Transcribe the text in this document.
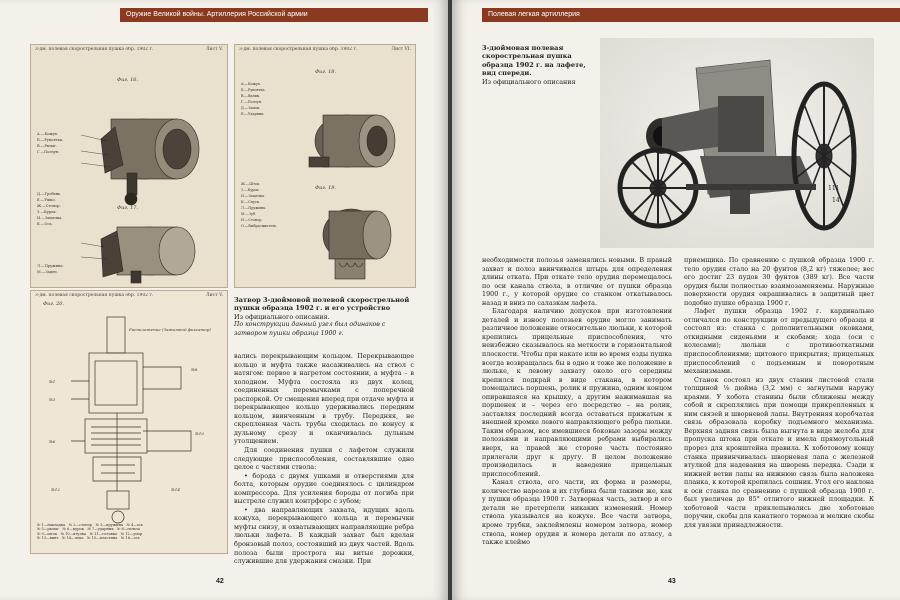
Оружие Великой войны. Артиллерия Российской армии
3-дм. полевая скорострельная пушка обр. 1902 г.	Лист V.
Фиг. 16.
Фиг. 17.
А.—Кожух.
Б.—Рукоятка.
В.—Рычаг.
Г.—Ползун.
Д.—Гребень.
Е.—Ушко.
Ж.—Стопор.
З.—Курок.
И.—Защелка.
К.—Ось.
Л.—Пружина.
М.—Зацеп.
3-дм. полевая скорострельная пушка обр. 1902 г.	Лист VI.
Фиг. 18.
Фиг. 19.
А.—Кожух.
Б.—Рукоятка.
В.—Валик.
Г.—Ползун.
Д.—Замок.
Е.—Ударник.
Ж.—Шток.
З.—Курок.
И.—Защелка.
К.—Спуск.
Л.—Пружина.
М.—Зуб.
Н.—Стопор.
О.—Выбрасыватель.
3-дм. полевая скорострельная пушка обр. 1902 г.	Лист V.
Фиг. 20.
Расположение (Зажимной фиксатор)
№1
№3
№6
№8
№10
№12	№14
№ 1—накладка   № 2—стопор   № 3—пружина   № 4—ось
№ 5—рычаг   № 6—курок   № 7—ударник   № 8—гильза
№ 9—шток   № 10—втулка   № 11—головка   № 12—упор
№ 13—винт   № 14—чека   № 15—пластина   № 16—ось
Затвор 3-дюймовой полевой скорострельной пушки образца 1902 г. и его устройство
Из официального описания.
По конструкции данный узел был одинаков с затвором пушки образца 1900 г.

вались перекрывающим кольцом. Перекрывающее кольцо и муфта также насаживались на ствол с натягом: первое в нагретом состоянии, а муфта – в холодном. Муфта состояла из двух колец, соединенных перемычками с поперечной распоркой. От смещения вперед при отдаче муфта и перекрывающее кольцо удерживались передним кольцом, ввинченным в трубу. Передняя, не скрепленная часть трубы сходилась по конусу к дульному срезу и оканчивалась дульным утолщением.

Для соединения пушки с лафетом служили следующие приспособления, составлявшие одно целое с частями ствола:

• борода с двумя ушками и отверстиями для болта, которым орудие соединялось с цилиндром компрессора. Для усиления бороды от погиба при выстреле служил контрфорс с зубом;

• два направляющих захвата, идущих вдоль кожуха, перекрывающего кольца и перемычки муфты снизу, и охватывающих направляющие ребра люльки лафета. В каждый захват был вделан бронзовый полоз, состоявший из двух частей. Вдоль полоза были прострога ны витые дорожки, служившие для удержания смазки. При

42
Полевая легкая артиллерия
3-дюймовая полевая скорострельная пушка образца 1902 г. на лафете, вид спереди.
Из официального описания
111
14

необходимости полозья заменялись новыми. В правый захват и полоз ввинчивался штырь для определения длины отката. При откате тело орудия перемещалось по оси канала ствола, в отличие от пушки образца 1900 г., у которой орудие со станком откатывалось назад и вниз по салазкам лафета.

Благодаря наличию допусков при изготовлении деталей и износу полозьев орудие могло занимать различное положение относительно люльки, к которой крепились прицельные приспособления, что неизбежно сказывалось на меткости в горизонтальной плоскости. Чтобы при накате или во время езды пушка всегда возвращалась бы в одно и тоже же положение в люльке, к левому захвату около его середины крепился подкрай в виде стакана, в котором помещались поршень, ролик и пружина, одним концом опиравшаяся на крышку, а другим нажимавшая на поршенек и – через его посредство – на ролик, заставляя последний всегда оставаться прижатым к внешней кромке левого направляющего ребра люльки. Таким образом, все имевшиеся боковые зазоры между полозьями и направляющими ребрами выбирались вверх, на правой же стороне часть постоянно прилегали друг к другу. В целом положение производилась и наведение прицельных приспособлений.

Канал ствола, его части, их форма и размеры, количество нарезов и их глубина были такими же, как у пушки образца 1900 г. Затворная часть, затвор и его детали не претерпели никаких изменений. Номер ствола указывался на кожухе. Все части затвора, кроме трубки, заклеймлены номером затвора, номер ствола, номер орудия и номера детали по атласу, а также клеймо

приемщика. По сравнению с пушкой образца 1900 г. тело орудия стало на 20 фунтов (8,2 кг) тяжелее; вес его достиг 23 пудов 30 фунтов (389 кг). Все части орудия были полностью взаимозаменяемы. Наружные поверхности орудия окрашивались в защитный цвет подобно пушке образца 1900 г.

Лафет пушки образца 1902 г. кардинально отличался по конструкции от предыдущего образца и состоял из: станка с дополнительными оковками, откидными сиденьями и скобами; хода (оси с колесами); люльки с противооткатными приспособлениями; щитового прикрытия; прицельных приспособлений с подъемным и поворотным механизмами.

Станок состоял из двух станин листовой стали толщиной ⅛ дюйма (3,2 мм) с загнутыми наружу краями. У хобота станины были сближены между собой и скреплялись при помощи прикрепленных к ним связей и шворневой лапы. Внутренняя коробчатая связь образовала коробку подъемного механизма. Верхняя задняя связь была выгнута в виде желоба для пропуска штока при откате и имела прямоугольный прорез для кронштейна правила. К хоботовому концу станка привинчивалась шворневая лапа с железной втулкой для надевания на шворень передка. Сзади к нижней ветви лапы на нижнюю связь была наложена планка, к которой крепилась сошник. Угол его наклона к оси станка по сравнению с пушкой образца 1900 г. был увеличен до 85° отлитого нижней площадки. К хоботовой части приклепывались две хоботовые поручни, скобы для канатного тормоза и мелкие скобы для увязки принадлежности.

43
